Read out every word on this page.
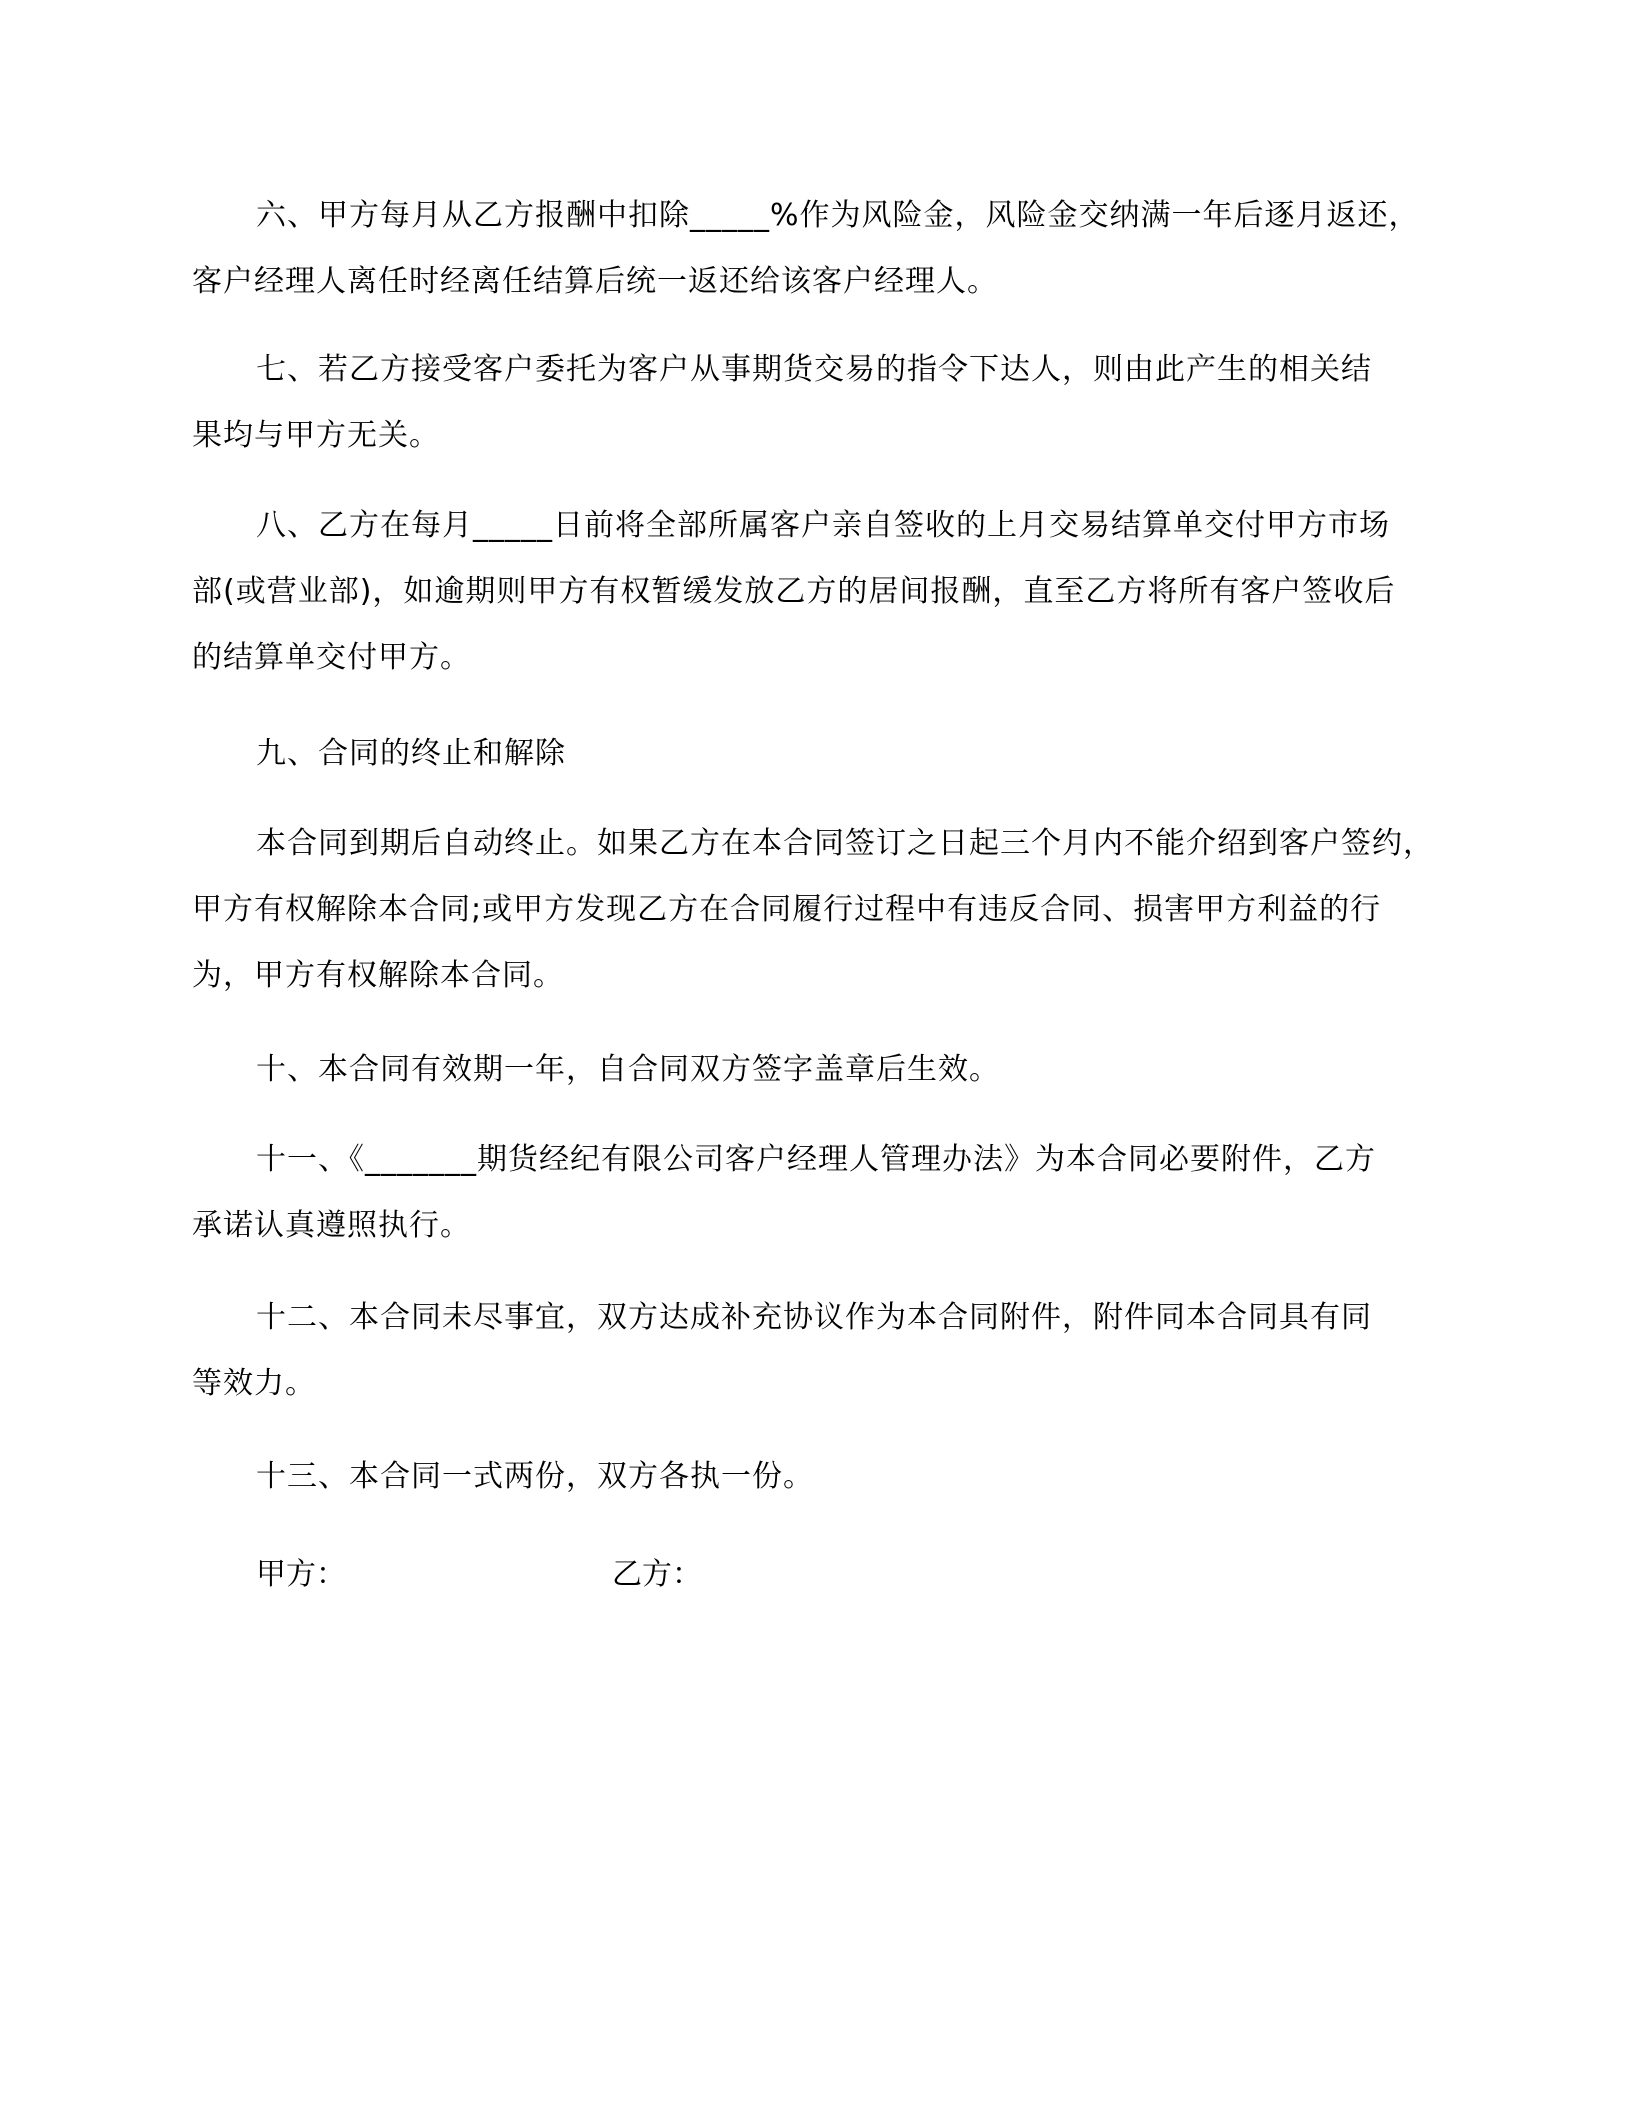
六、甲方每月从乙方报酬中扣除_____%作为风险金，风险金交纳满一年后逐月返还，
客户经理人离任时经离任结算后统一返还给该客户经理人。
七、若乙方接受客户委托为客户从事期货交易的指令下达人，则由此产生的相关结
果均与甲方无关。
八、乙方在每月_____日前将全部所属客户亲自签收的上月交易结算单交付甲方市场
部(或营业部)，如逾期则甲方有权暂缓发放乙方的居间报酬，直至乙方将所有客户签收后
的结算单交付甲方。
九、合同的终止和解除
本合同到期后自动终止。如果乙方在本合同签订之日起三个月内不能介绍到客户签约，
甲方有权解除本合同;或甲方发现乙方在合同履行过程中有违反合同、损害甲方利益的行
为，甲方有权解除本合同。
十、本合同有效期一年，自合同双方签字盖章后生效。
十一、《_______期货经纪有限公司客户经理人管理办法》为本合同必要附件，乙方
承诺认真遵照执行。
十二、本合同未尽事宜，双方达成补充协议作为本合同附件，附件同本合同具有同
等效力。
十三、本合同一式两份，双方各执一份。
甲方：	乙方：
